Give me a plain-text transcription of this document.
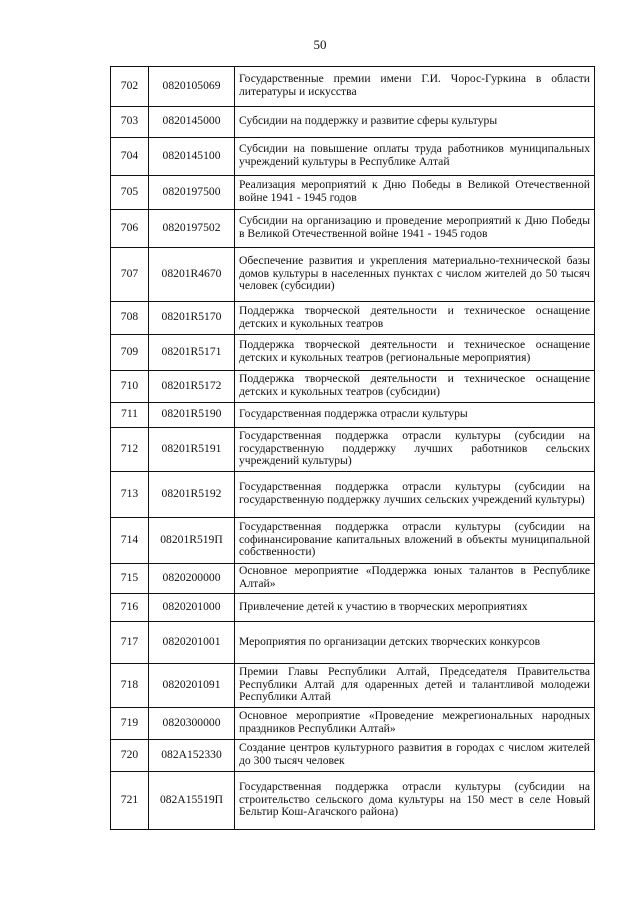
50
702	0820105069	Государственные премии имени Г.И. Чорос-Гуркина в области литературы и искусства
703	0820145000	Субсидии на поддержку и развитие сферы культуры
704	0820145100	Субсидии на повышение оплаты труда работников муниципальных учреждений культуры в Республике Алтай
705	0820197500	Реализация мероприятий к Дню Победы в Великой Отечественной войне 1941 - 1945 годов
706	0820197502	Субсидии на организацию и проведение мероприятий к Дню Победы в Великой Отечественной войне 1941 - 1945 годов
707	08201R4670	Обеспечение развития и укрепления материально-технической базы домов культуры в населенных пунктах с числом жителей до 50 тысяч человек (субсидии)
708	08201R5170	Поддержка творческой деятельности и техническое оснащение детских и кукольных театров
709	08201R5171	Поддержка творческой деятельности и техническое оснащение детских и кукольных театров (региональные мероприятия)
710	08201R5172	Поддержка творческой деятельности и техническое оснащение детских и кукольных театров (субсидии)
711	08201R5190	Государственная поддержка отрасли культуры
712	08201R5191	Государственная поддержка отрасли культуры (субсидии на государственную поддержку лучших работников сельских учреждений культуры)
713	08201R5192	Государственная поддержка отрасли культуры (субсидии на государственную поддержку лучших сельских учреждений культуры)
714	08201R519П	Государственная поддержка отрасли культуры (субсидии на софинансирование капитальных вложений в объекты муниципальной собственности)
715	0820200000	Основное мероприятие «Поддержка юных талантов в Республике Алтай»
716	0820201000	Привлечение детей к участию в творческих мероприятиях
717	0820201001	Мероприятия по организации детских творческих конкурсов
718	0820201091	Премии Главы Республики Алтай, Председателя Правительства Республики Алтай для одаренных детей и талантливой молодежи Республики Алтай
719	0820300000	Основное мероприятие «Проведение межрегиональных народных праздников Республики Алтай»
720	082A152330	Создание центров культурного развития в городах с числом жителей до 300 тысяч человек
721	082A15519П	Государственная поддержка отрасли культуры (субсидии на строительство сельского дома культуры на 150 мест в селе Новый Бельтир Кош-Агачского района)
